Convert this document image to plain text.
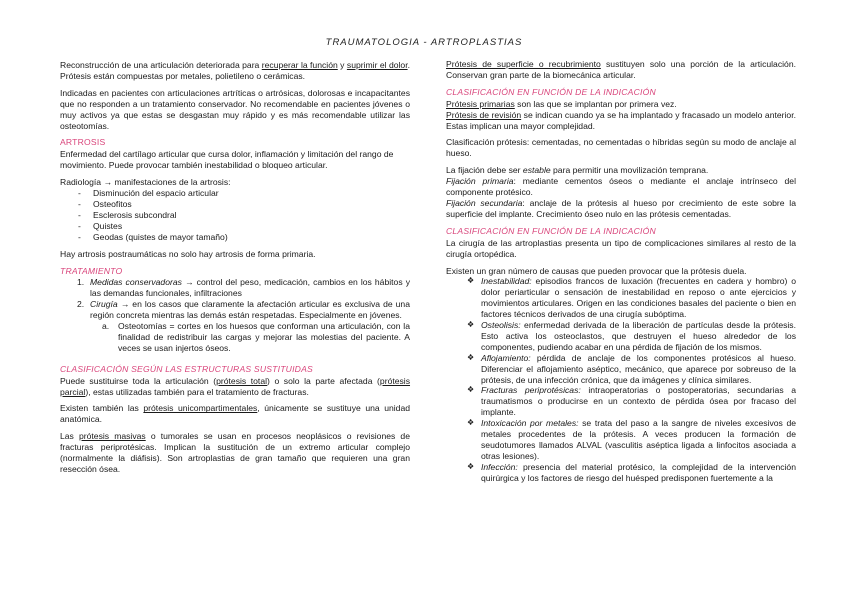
TRAUMATOLOGIA - ARTROPLASTIAS

Reconstrucción de una articulación deteriorada para recuperar la función y suprimir el dolor. Prótesis están compuestas por metales, polietileno o cerámicas.

Indicadas en pacientes con articulaciones artríticas o artrósicas, dolorosas e incapacitantes que no responden a un tratamiento conservador. No recomendable en pacientes jóvenes o muy activos ya que estas se desgastan muy rápido y es más recomendable utilizar las osteotomías.

ARTROSIS

Enfermedad del cartílago articular que cursa dolor, inflamación y limitación del rango de movimiento. Puede provocar también inestabilidad o bloqueo articular.

Radiología → manifestaciones de la artrosis:
- Disminución del espacio articular
- Osteofitos
- Esclerosis subcondral
- Quistes
- Geodas (quistes de mayor tamaño)

Hay artrosis postraumáticas no solo hay artrosis de forma primaria.

TRATAMIENTO
1. Medidas conservadoras → control del peso, medicación, cambios en los hábitos y las demandas funcionales, infiltraciones
2. Cirugía → en los casos que claramente la afectación articular es exclusiva de una región concreta mientras las demás están respetadas. Especialmente en jóvenes.
a. Osteotomías = cortes en los huesos que conforman una articulación, con la finalidad de redistribuir las cargas y mejorar las molestias del paciente. A veces se usan injertos óseos.
CLASIFICACIÓN SEGÚN LAS ESTRUCTURAS SUSTITUIDAS

Puede sustituirse toda la articulación (prótesis total) o solo la parte afectada (prótesis parcial), estas utilizadas también para el tratamiento de fracturas.

Existen también las prótesis unicompartimentales, únicamente se sustituye una unidad anatómica.

Las prótesis masivas o tumorales se usan en procesos neoplásicos o revisiones de fracturas periprotésicas. Implican la sustitución de un extremo articular complejo (normalmente la diáfisis). Son artroplastias de gran tamaño que requieren una gran resección ósea.

Prótesis de superficie o recubrimiento sustituyen solo una porción de la articulación. Conservan gran parte de la biomecánica articular.

CLASIFICACIÓN EN FUNCIÓN DE LA INDICACIÓN
Prótesis primarias son las que se implantan por primera vez.

Prótesis de revisión se indican cuando ya se ha implantado y fracasado un modelo anterior. Estas implican una mayor complejidad.

Clasificación prótesis: cementadas, no cementadas o híbridas según su modo de anclaje al hueso.

La fijación debe ser estable para permitir una movilización temprana.
Fijación primaria: mediante cementos óseos o mediante el anclaje intrínseco del componente protésico.

Fijación secundaria: anclaje de la prótesis al hueso por crecimiento de este sobre la superficie del implante. Crecimiento óseo nulo en las prótesis cementadas.

CLASIFICACIÓN EN FUNCIÓN DE LA INDICACIÓN

La cirugía de las artroplastias presenta un tipo de complicaciones similares al resto de la cirugía ortopédica.

Existen un gran número de causas que pueden provocar que la prótesis duela.
❖ Inestabilidad: episodios francos de luxación (frecuentes en cadera y hombro) o dolor periarticular o sensación de inestabilidad en reposo o ante ejercicios y movimientos articulares. Origen en las condiciones basales del paciente o bien en factores técnicos derivados de una cirugía subóptima.
❖ Osteolisis: enfermedad derivada de la liberación de partículas desde la prótesis. Esto activa los osteoclastos, que destruyen el hueso alrededor de los componentes, pudiendo acabar en una pérdida de fijación de los mismos.
❖ Aflojamiento: pérdida de anclaje de los componentes protésicos al hueso. Diferenciar el aflojamiento aséptico, mecánico, que aparece por sobreuso de la prótesis, de una infección crónica, que da imágenes y clínica similares.
❖ Fracturas periprotésicas: intraoperatorias o postoperatorias, secundarias a traumatismos o producirse en un contexto de pérdida ósea por fracaso del implante.
❖ Intoxicación por metales: se trata del paso a la sangre de niveles excesivos de metales procedentes de la prótesis. A veces producen la formación de seudotumores llamados ALVAL (vasculitis aséptica ligada a linfocitos asociada a otras lesiones).
❖ Infección: presencia del material protésico, la complejidad de la intervención quirúrgica y los factores de riesgo del huésped predisponen fuertemente a la
